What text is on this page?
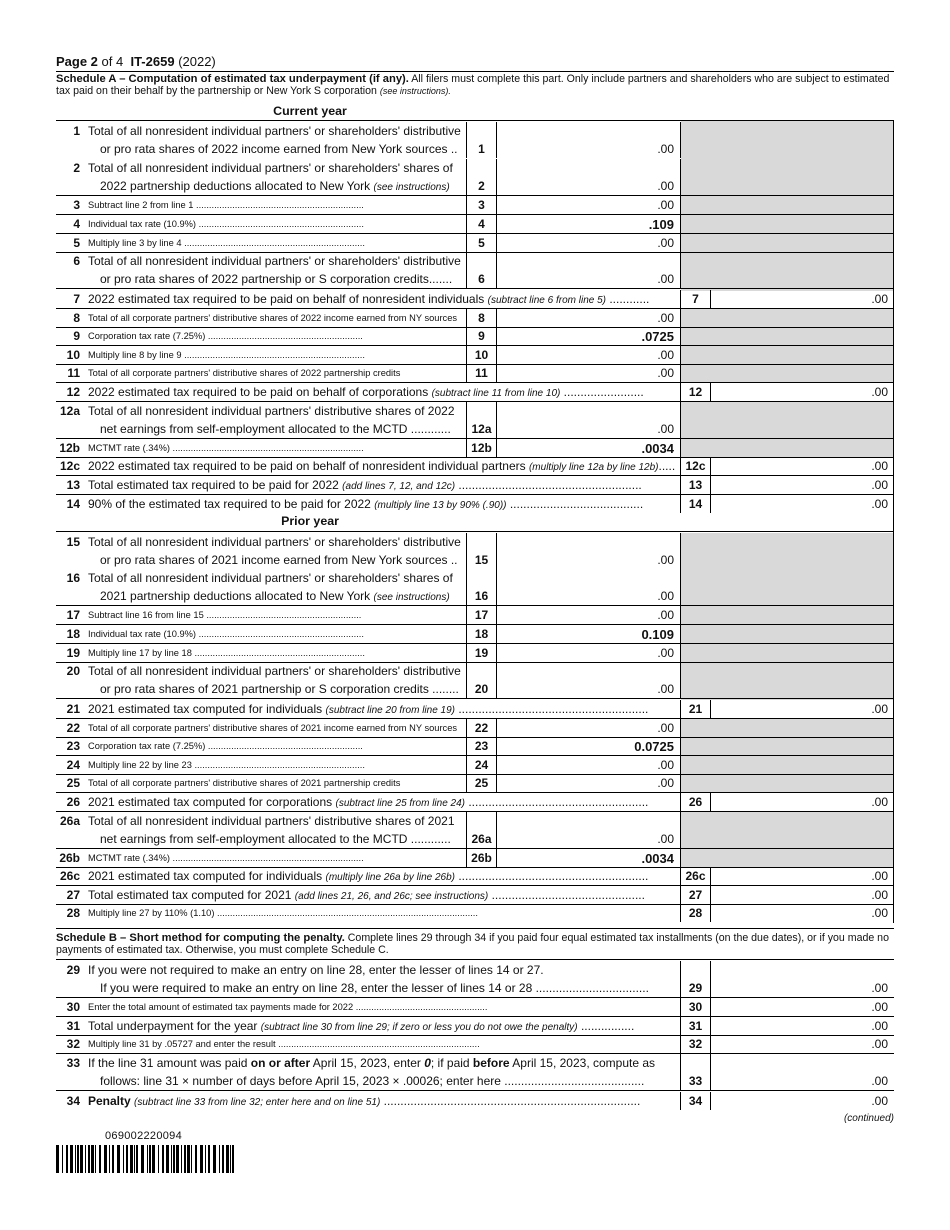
Page 2 of 4 IT-2659 (2022)
Schedule A – Computation of estimated tax underpayment (if any). All filers must complete this part. Only include partners and shareholders who are subject to estimated tax paid on their behalf by the partnership or New York S corporation (see instructions).
Current year
Prior year
Schedule B – Short method for computing the penalty. Complete lines 29 through 34 if you paid four equal estimated tax installments (on the due dates), or if you made no payments of estimated tax. Otherwise, you must complete Schedule C.
1 Total of all nonresident individual partners' or shareholders' distributive
or pro rata shares of 2022 income earned from New York sources ..	1	.00
2 Total of all nonresident individual partners' or shareholders' shares of
2022 partnership deductions allocated to New York (see instructions)	2	.00
3 Subtract line 2 from line 1 .................................................................	3	.00
4 Individual tax rate (10.9%) ................................................................	4	.109
5 Multiply line 3 by line 4 ......................................................................	5	.00
6 Total of all nonresident individual partners' or shareholders' distributive
or pro rata shares of 2022 partnership or S corporation credits.......	6	.00
7 2022 estimated tax required to be paid on behalf of nonresident individuals (subtract line 6 from line 5) ............	7	.00
8 Total of all corporate partners' distributive shares of 2022 income earned from NY sources	8	.00
9 Corporation tax rate (7.25%) ............................................................	9	.0725
10 Multiply line 8 by line 9 ......................................................................	10	.00
11 Total of all corporate partners' distributive shares of 2022 partnership credits	11	.00
12 2022 estimated tax required to be paid on behalf of corporations (subtract line 11 from line 10) ........................	12	.00
12a Total of all nonresident individual partners' distributive shares of 2022
net earnings from self-employment allocated to the MCTD ............	12a	.00
12b MCTMT rate (.34%) ..........................................................................	12b	.0034
12c 2022 estimated tax required to be paid on behalf of nonresident individual partners (multiply line 12a by line 12b)..... 12c	.00
13 Total estimated tax required to be paid for 2022 (add lines 7, 12, and 12c) .......................................................	13	.00
14 90% of the estimated tax required to be paid for 2022 (multiply line 13 by 90% (.90)) ........................................	14	.00
15 Total of all nonresident individual partners' or shareholders' distributive
or pro rata shares of 2021 income earned from New York sources ..	15	.00
16 Total of all nonresident individual partners' or shareholders' shares of
2021 partnership deductions allocated to New York (see instructions)	16	.00
17 Subtract line 16 from line 15 ............................................................	17	.00
18 Individual tax rate (10.9%) ................................................................	18	0.109
19 Multiply line 17 by line 18 ..................................................................	19	.00
20 Total of all nonresident individual partners' or shareholders' distributive
or pro rata shares of 2021 partnership or S corporation credits ........	20	.00
21 2021 estimated tax computed for individuals (subtract line 20 from line 19) .........................................................	21	.00
22 Total of all corporate partners' distributive shares of 2021 income earned from NY sources	22	.00
23 Corporation tax rate (7.25%) ............................................................	23	0.0725
24 Multiply line 22 by line 23 ..................................................................	24	.00
25 Total of all corporate partners' distributive shares of 2021 partnership credits	25	.00
26 2021 estimated tax computed for corporations (subtract line 25 from line 24) ......................................................	26	.00
26a Total of all nonresident individual partners' distributive shares of 2021
net earnings from self-employment allocated to the MCTD ............	26a	.00
26b MCTMT rate (.34%) ..........................................................................	26b	.0034
26c 2021 estimated tax computed for individuals (multiply line 26a by line 26b) .........................................................	26c	.00
27 Total estimated tax computed for 2021 (add lines 21, 26, and 26c; see instructions) ..............................................	27	.00
28 Multiply line 27 by 110% (1.10) .....................................................................................................	28	.00
29 If you were not required to make an entry on line 28, enter the lesser of lines 14 or 27.
If you were required to make an entry on line 28, enter the lesser of lines 14 or 28 ..................................	29	.00
30 Enter the total amount of estimated tax payments made for 2022 ...................................................	30	.00
31 Total underpayment for the year (subtract line 30 from line 29; if zero or less you do not owe the penalty) ................	31	.00
32 Multiply line 31 by .05727 and enter the result ..............................................................................	32	.00
33 If the line 31 amount was paid on or after April 15, 2023, enter 0; if paid before April 15, 2023, compute as
follows: line 31 × number of days before April 15, 2023 × .00026; enter here ..........................................	33	.00
34 Penalty (subtract line 33 from line 32; enter here and on line 51) .............................................................................	34	.00
(continued)
069002220094
